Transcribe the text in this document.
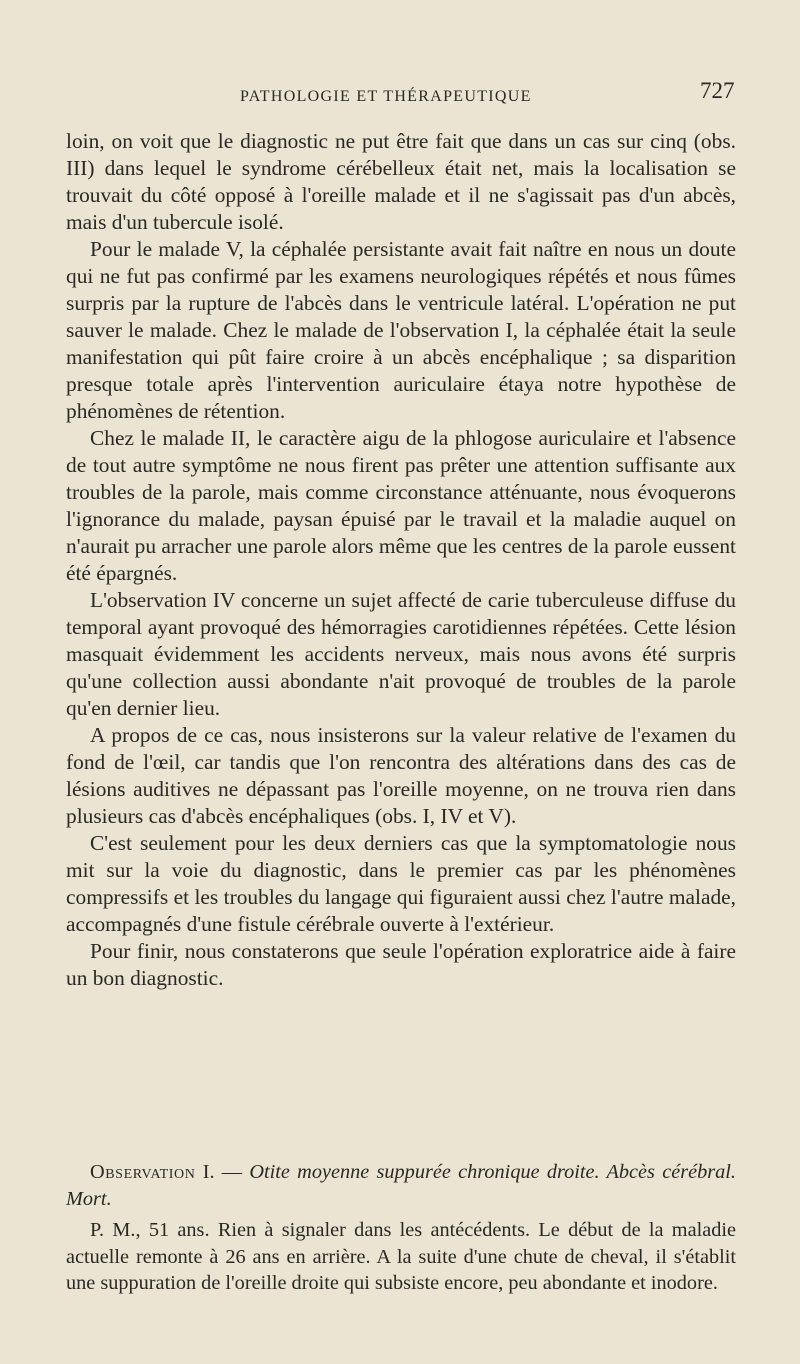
PATHOLOGIE ET THÉRAPEUTIQUE	727

loin, on voit que le diagnostic ne put être fait que dans un cas sur cinq (obs. III) dans lequel le syndrome cérébelleux était net, mais la localisation se trouvait du côté opposé à l'oreille malade et il ne s'agissait pas d'un abcès, mais d'un tubercule isolé.

Pour le malade V, la céphalée persistante avait fait naître en nous un doute qui ne fut pas confirmé par les examens neurologiques répétés et nous fûmes surpris par la rupture de l'abcès dans le ventricule latéral. L'opération ne put sauver le malade. Chez le malade de l'observation I, la céphalée était la seule manifestation qui pût faire croire à un abcès encéphalique ; sa disparition presque totale après l'intervention auriculaire étaya notre hypothèse de phénomènes de rétention.

Chez le malade II, le caractère aigu de la phlogose auriculaire et l'absence de tout autre symptôme ne nous firent pas prêter une attention suffisante aux troubles de la parole, mais comme circonstance atténuante, nous évoquerons l'ignorance du malade, paysan épuisé par le travail et la maladie auquel on n'aurait pu arracher une parole alors même que les centres de la parole eussent été épargnés.

L'observation IV concerne un sujet affecté de carie tuberculeuse diffuse du temporal ayant provoqué des hémorragies carotidiennes répétées. Cette lésion masquait évidemment les accidents nerveux, mais nous avons été surpris qu'une collection aussi abondante n'ait provoqué de troubles de la parole qu'en dernier lieu.

A propos de ce cas, nous insisterons sur la valeur relative de l'examen du fond de l'œil, car tandis que l'on rencontra des altérations dans des cas de lésions auditives ne dépassant pas l'oreille moyenne, on ne trouva rien dans plusieurs cas d'abcès encéphaliques (obs. I, IV et V).

C'est seulement pour les deux derniers cas que la symptomatologie nous mit sur la voie du diagnostic, dans le premier cas par les phénomènes compressifs et les troubles du langage qui figuraient aussi chez l'autre malade, accompagnés d'une fistule cérébrale ouverte à l'extérieur.

Pour finir, nous constaterons que seule l'opération exploratrice aide à faire un bon diagnostic.

Observation I. — Otite moyenne suppurée chronique droite. Abcès cérébral. Mort.

P. M., 51 ans. Rien à signaler dans les antécédents. Le début de la maladie actuelle remonte à 26 ans en arrière. A la suite d'une chute de cheval, il s'établit une suppuration de l'oreille droite qui subsiste encore, peu abondante et inodore.
